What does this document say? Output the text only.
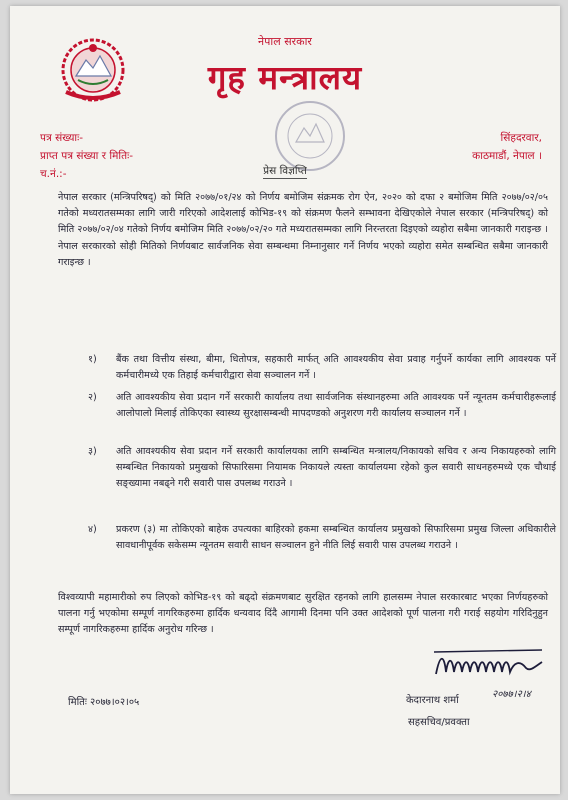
नेपाल सरकार
गृह मन्त्रालय
पत्र संख्याः-
प्राप्त पत्र संख्या र मितिः-
च.नं.:-
सिंहदरवार,
काठमाडौं, नेपाल ।
प्रेस विज्ञप्ति
नेपाल सरकार (मन्त्रिपरिषद्) को मिति २०७७/०१/२४ को निर्णय बमोजिम संक्रमक रोग ऐन, २०२० को दफा २ बमोजिम मिति २०७७/०२/०५ गतेको मध्यरातसम्मका लागि जारी गरिएको आदेशलाई कोभिड-१९ को संक्रमण फैलने सम्भावना देखिएकोले नेपाल सरकार (मन्त्रिपरिषद्) को मिति २०७७/०२/०४ गतेको निर्णय बमोजिम मिति २०७७/०२/२० गते मध्यरातसम्मका लागि निरन्तरता दिइएको व्यहोरा सबैमा जानकारी गराइन्छ । नेपाल सरकारको सोही मितिको निर्णयबाट सार्वजनिक सेवा सम्बन्धमा निम्नानुसार गर्ने निर्णय भएको व्यहोरा समेत सम्बन्धित सबैमा जानकारी गराइन्छ ।
१)	बैंक तथा वित्तीय संस्था, बीमा, धितोपत्र, सहकारी मार्फत् अति आवश्यकीय सेवा प्रवाह गर्नुपर्ने कार्यका लागि आवश्यक पर्ने कर्मचारीमध्ये एक तिहाई कर्मचारीद्वारा सेवा सञ्चालन गर्ने ।
२)	अति आवश्यकीय सेवा प्रदान गर्ने सरकारी कार्यालय तथा सार्वजनिक संस्थानहरुमा अति आवश्यक पर्ने न्यूनतम कर्मचारीहरूलाई आलोपालो मिलाई तोकिएका स्वास्थ्य सुरक्षासम्बन्धी मापदण्डको अनुशरण गरी कार्यालय सञ्चालन गर्ने ।
३)	अति आवश्यकीय सेवा प्रदान गर्ने सरकारी कार्यालयका लागि सम्बन्धित मन्त्रालय/निकायको सचिव र अन्य निकायहरुको लागि सम्बन्धित निकायको प्रमुखको सिफारिसमा नियामक निकायले त्यस्ता कार्यालयमा रहेको कुल सवारी साधनहरुमध्ये एक चौथाई सङ्ख्यामा नबढ्ने गरी सवारी पास उपलब्ध गराउने ।
४)	प्रकरण (३) मा तोकिएको बाहेक उपत्यका बाहिरको हकमा सम्बन्धित कार्यालय प्रमुखको सिफारिसमा प्रमुख जिल्ला अधिकारीले सावधानीपूर्वक सकेसम्म न्यूनतम सवारी साधन सञ्चालन हुने नीति लिई सवारी पास उपलब्ध गराउने ।
विश्वव्यापी महामारीको रुप लिएको कोभिड-१९ को बढ्दो संक्रमणबाट सुरक्षित रहनको लागि हालसम्म नेपाल सरकारबाट भएका निर्णयहरुको पालना गर्नु भएकोमा सम्पूर्ण नागरिकहरुमा हार्दिक धन्यवाद दिंदै आगामी दिनमा पनि उक्त आदेशको पूर्ण पालना गरी गराई सहयोग गरिदिनुहुन सम्पूर्ण नागरिकहरुमा हार्दिक अनुरोध गरिन्छ ।
मितिः २०७७।०२।०५	केदारनाथ शर्मा
२०७७।२।४
सहसचिव/प्रवक्ता
